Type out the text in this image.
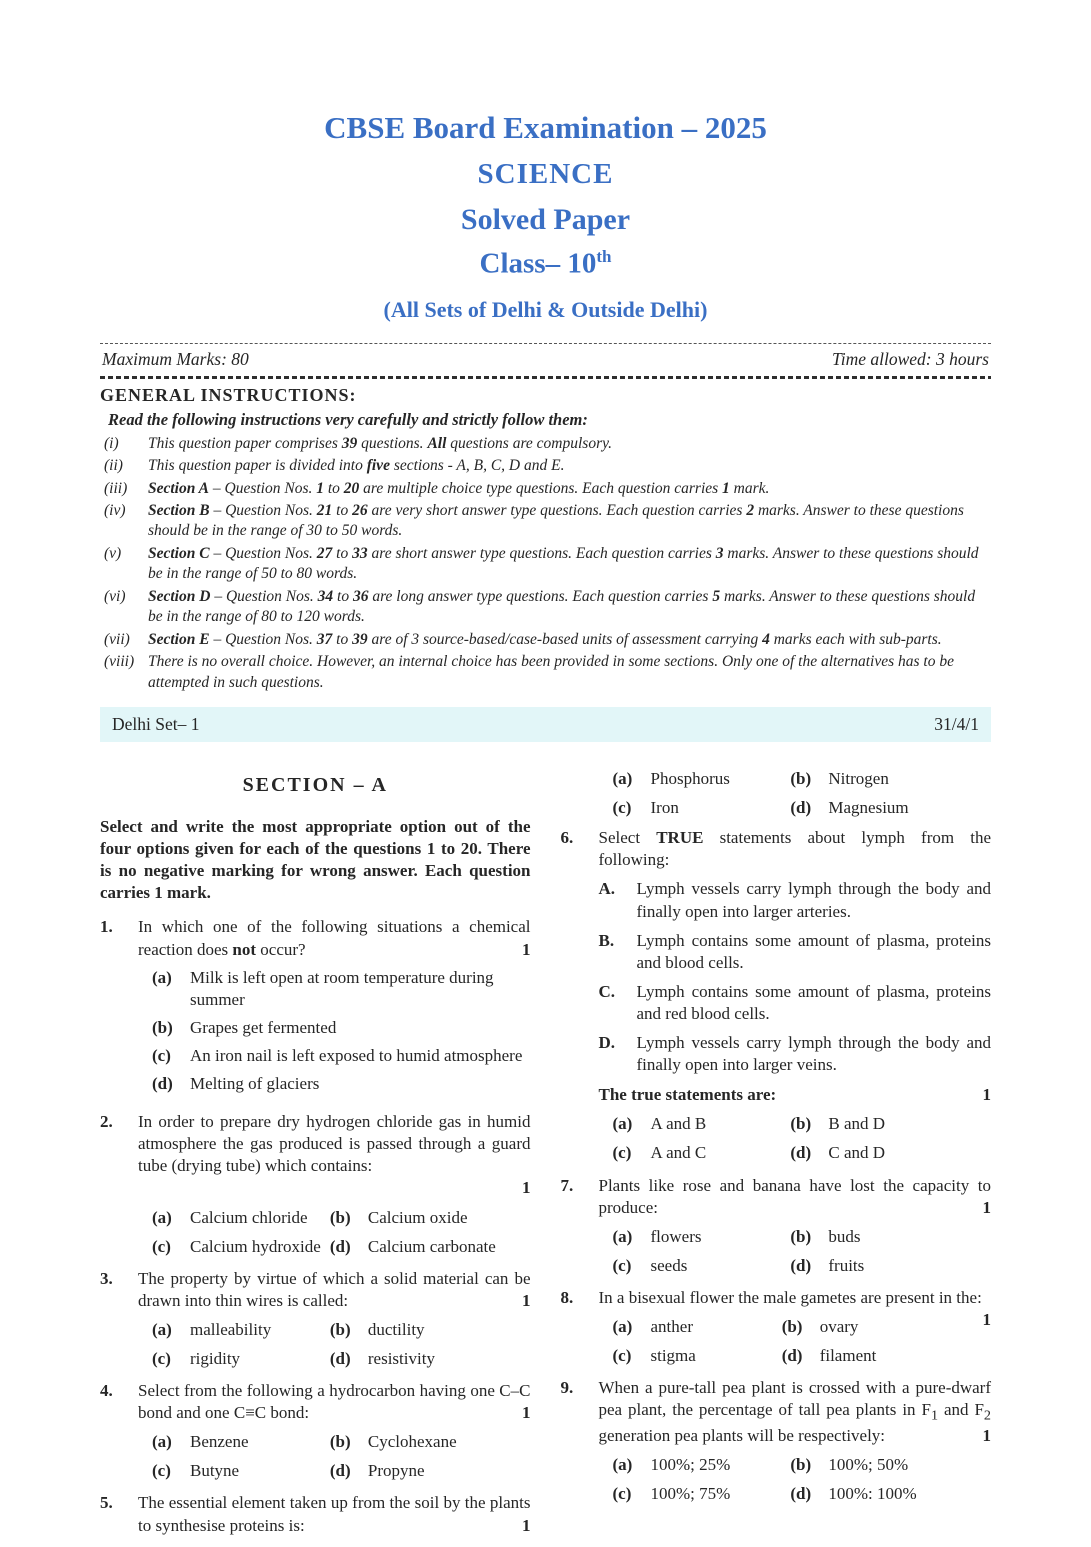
CBSE Board Examination – 2025
SCIENCE
Solved Paper
Class– 10th
(All Sets of Delhi & Outside Delhi)
Maximum Marks: 80	Time allowed: 3 hours
GENERAL INSTRUCTIONS:
Read the following instructions very carefully and strictly follow them:
(i)	This question paper comprises 39 questions. All questions are compulsory.
(ii)	This question paper is divided into five sections - A, B, C, D and E.
(iii)	Section A – Question Nos. 1 to 20 are multiple choice type questions. Each question carries 1 mark.
(iv)	Section B – Question Nos. 21 to 26 are very short answer type questions. Each question carries 2 marks. Answer to these questions should be in the range of 30 to 50 words.
(v)	Section C – Question Nos. 27 to 33 are short answer type questions. Each question carries 3 marks. Answer to these questions should be in the range of 50 to 80 words.
(vi)	Section D – Question Nos. 34 to 36 are long answer type questions. Each question carries 5 marks. Answer to these questions should be in the range of 80 to 120 words.
(vii)	Section E – Question Nos. 37 to 39 are of 3 source-based/case-based units of assessment carrying 4 marks each with sub-parts.
(viii) There is no overall choice. However, an internal choice has been provided in some sections. Only one of the alternatives has to be attempted in such questions.
Delhi Set– 1	31/4/1
SECTION – A

Select and write the most appropriate option out of the four options given for each of the questions 1 to 20. There is no negative marking for wrong answer. Each question carries 1 mark.

1.	In which one of the following situations a chemical reaction does not occur?	1

(a)	Milk is left open at room temperature during summer
(b)	Grapes get fermented
(c)	An iron nail is left exposed to humid atmosphere
(d)	Melting of glaciers
2.	In order to prepare dry hydrogen chloride gas in humid atmosphere the gas produced is passed through a guard tube (drying tube) which contains:

1
(a)	Calcium chloride	(b)	Calcium oxide
(c)	Calcium hydroxide (d)	Calcium carbonate
3.	The property by virtue of which a solid material can be drawn into thin wires is called:	1

(a)	malleability	(b)	ductility
(c)	rigidity	(d)	resistivity
4.	Select from the following a hydrocarbon having one C–C bond and one C≡C bond:	1

(a)	Benzene	(b)	Cyclohexane
(c)	Butyne	(d)	Propyne
5.	The essential element taken up from the soil by the plants to synthesise proteins is:	1

(a)	Phosphorus	(b)	Nitrogen
(c)	Iron	(d)	Magnesium
6.	Select TRUE statements about lymph from the following:

A.	Lymph vessels carry lymph through the body and finally open into larger arteries.

B.	Lymph contains some amount of plasma, proteins and blood cells.

C.	Lymph contains some amount of plasma, proteins and red blood cells.

D.	Lymph vessels carry lymph through the body and finally open into larger veins.

The true statements are:	1

(a)	A and B	(b)	B and D
(c)	A and C	(d)	C and D
7.	Plants like rose and banana have lost the capacity to produce:	1

(a)	flowers	(b)	buds
(c)	seeds	(d)	fruits
8.	In a bisexual flower the male gametes are present in the:
1

(a)	anther	(b)	ovary
(c)	stigma	(d)	filament
9.	When a pure-tall pea plant is crossed with a pure-dwarf pea plant, the percentage of tall pea plants in $F_1$ and $F_2$ generation pea plants will be respectively:	1

(a)	100%; 25%	(b)	100%; 50%
(c)	100%; 75%	(d)	100%: 100%
